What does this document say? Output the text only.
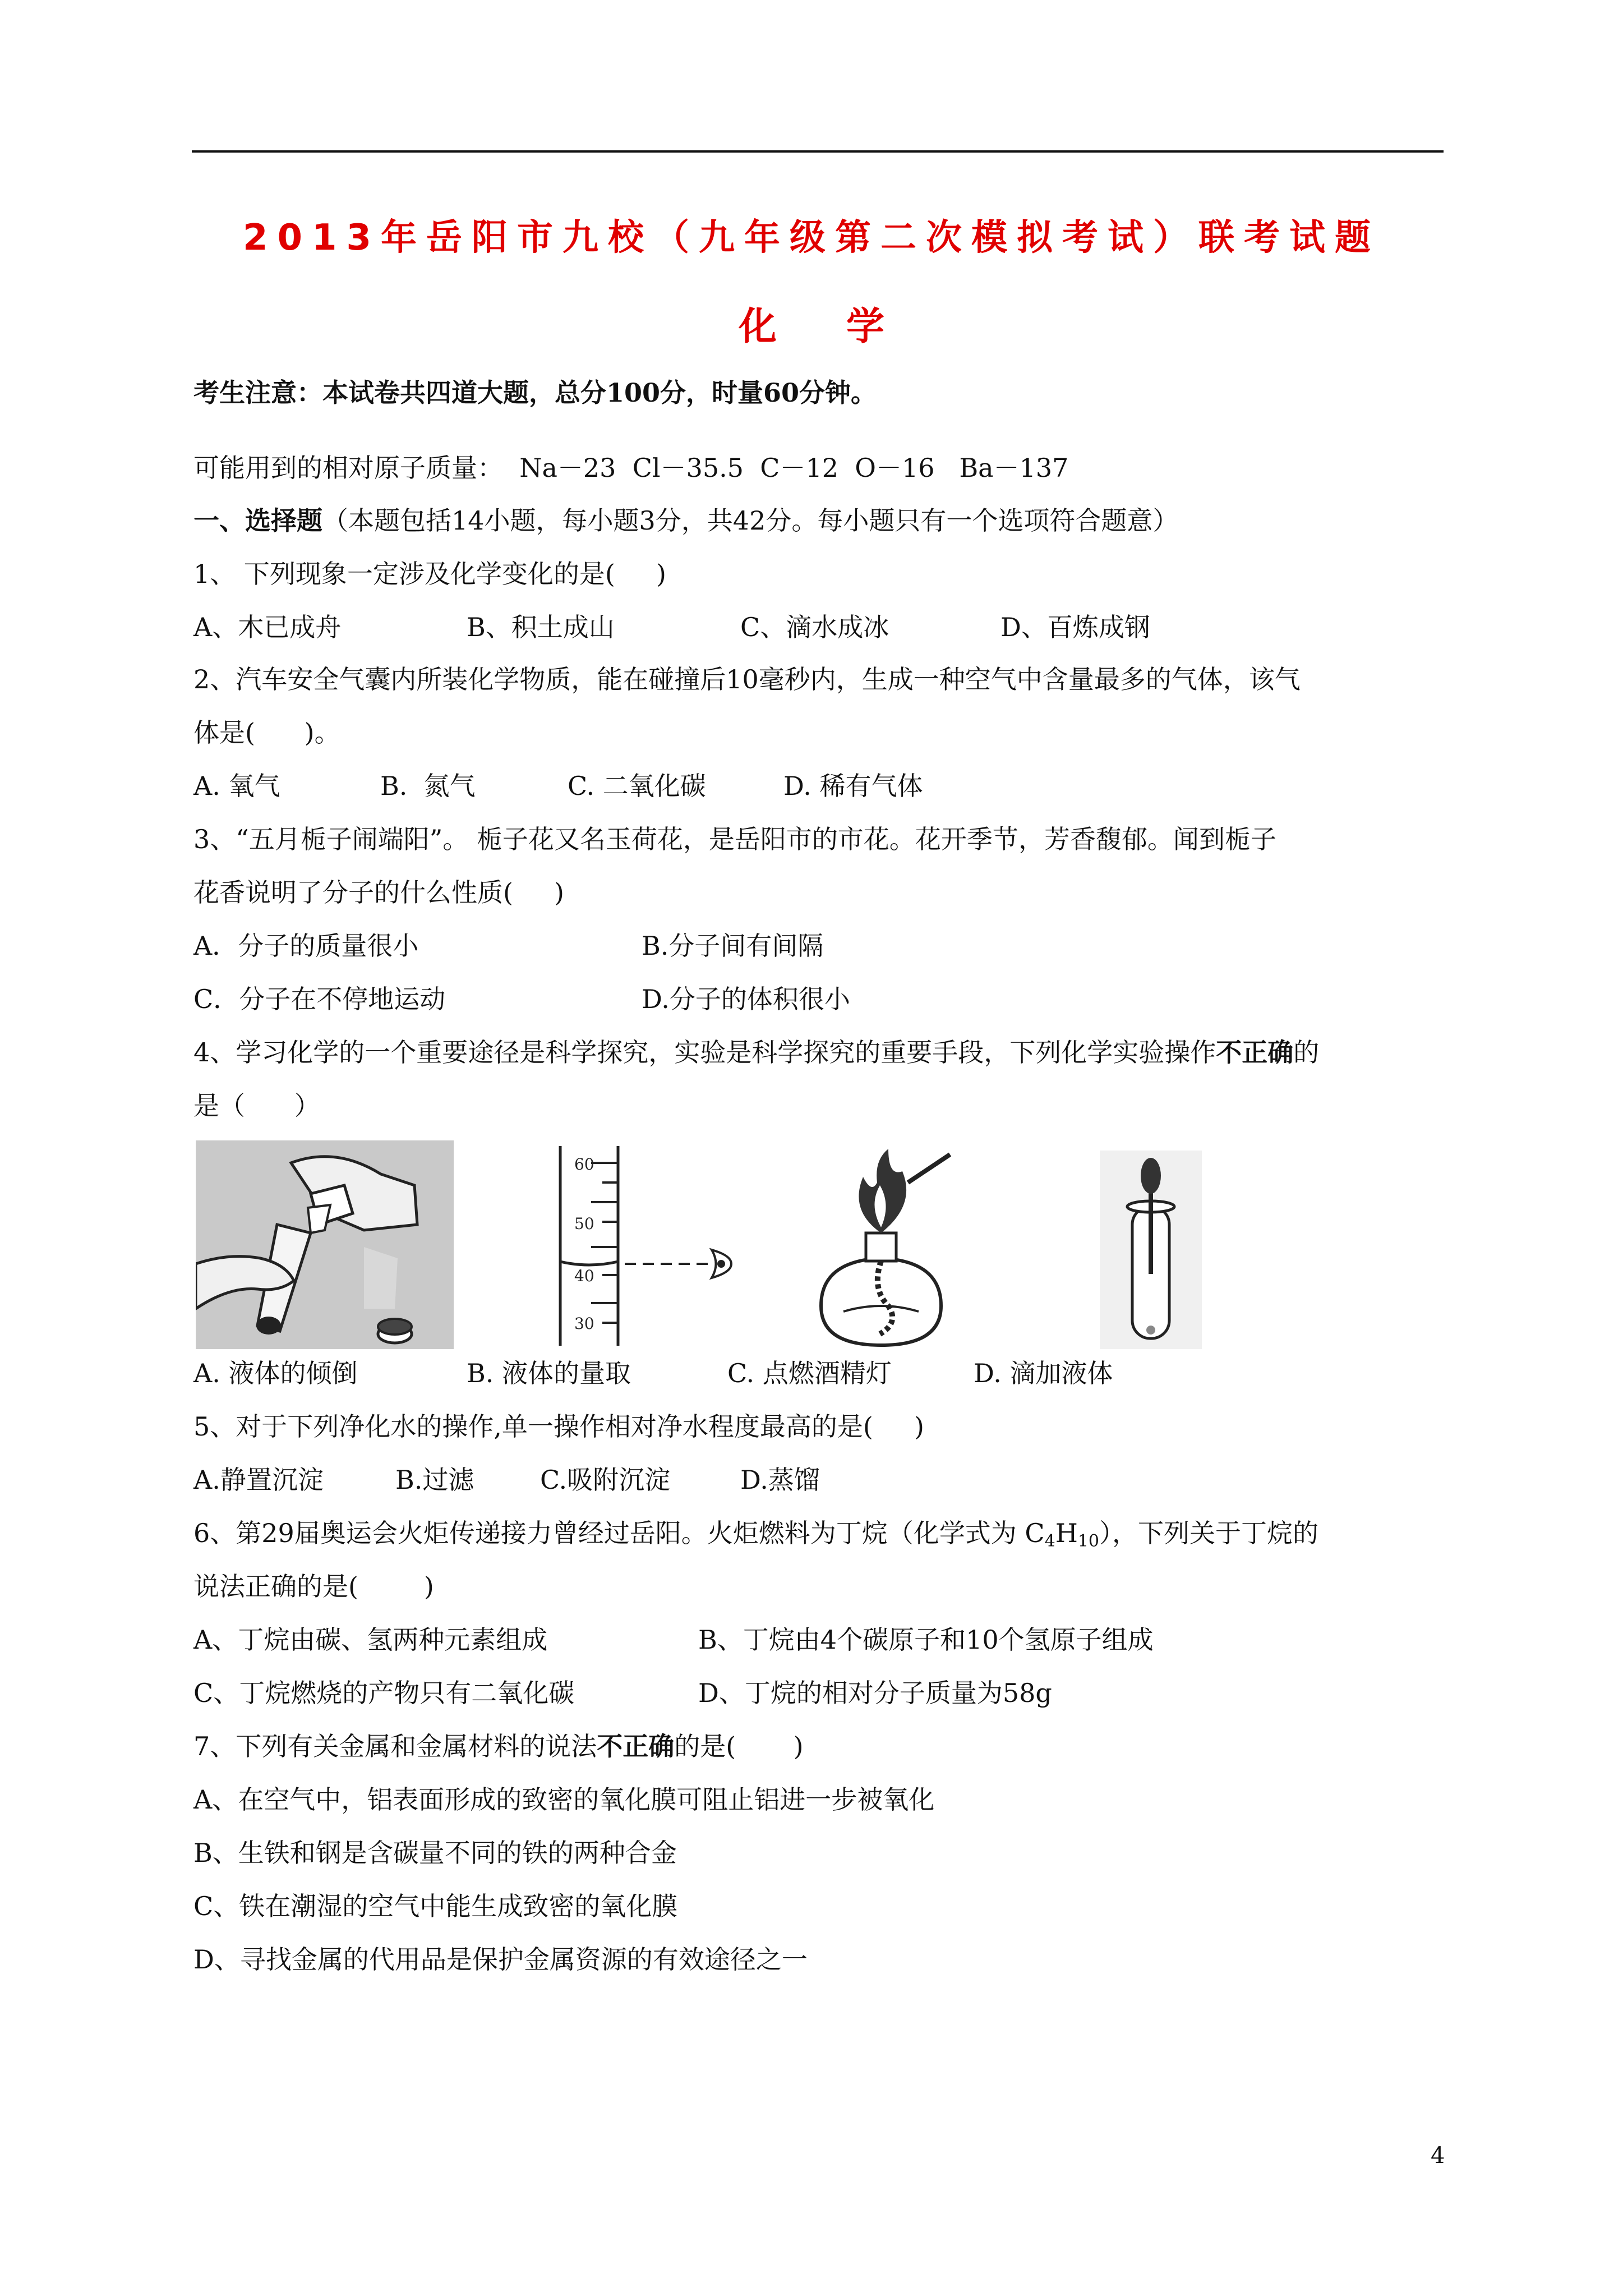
2013年岳阳市九校（九年级第二次模拟考试）联考试题
化 学
考生注意：本试卷共四道大题，总分100分，时量60分钟。
可能用到的相对原子质量：  Na－23  Cl－35.5  C－12  O－16   Ba－137
一、选择题（本题包括14小题，每小题3分，共42分。每小题只有一个选项符合题意）
1、 下列现象一定涉及化学变化的是(     )
A、木已成舟	B、积土成山	C、滴水成冰	D、百炼成钢
2、汽车安全气囊内所装化学物质，能在碰撞后10毫秒内，生成一种空气中含量最多的气体，该气
体是(      )。
A. 氧气	B.  氮气	C. 二氧化碳	D. 稀有气体
3、“五月栀子闹端阳”。 栀子花又名玉荷花，是岳阳市的市花。花开季节，芳香馥郁。闻到栀子
花香说明了分子的什么性质(     )
A．分子的质量很小	B.分子间有间隔
C．分子在不停地运动	D.分子的体积很小
4、学习化学的一个重要途径是科学探究，实验是科学探究的重要手段，下列化学实验操作不正确的
是（      ）
60
50
40
30
A. 液体的倾倒	B. 液体的量取	C. 点燃酒精灯	D. 滴加液体
5、对于下列净化水的操作,单一操作相对净水程度最高的是(     )
A.静置沉淀	B.过滤	C.吸附沉淀	D.蒸馏
6、第29届奥运会火炬传递接力曾经过岳阳。火炬燃料为丁烷（化学式为 $C_4H_{10}$），下列关于丁烷的
说法正确的是(        )
A、丁烷由碳、氢两种元素组成	B、丁烷由4个碳原子和10个氢原子组成
C、丁烷燃烧的产物只有二氧化碳	D、丁烷的相对分子质量为58g
7、下列有关金属和金属材料的说法不正确的是(       )
A、在空气中，铝表面形成的致密的氧化膜可阻止铝进一步被氧化
B、生铁和钢是含碳量不同的铁的两种合金
C、铁在潮湿的空气中能生成致密的氧化膜
D、寻找金属的代用品是保护金属资源的有效途径之一
4
